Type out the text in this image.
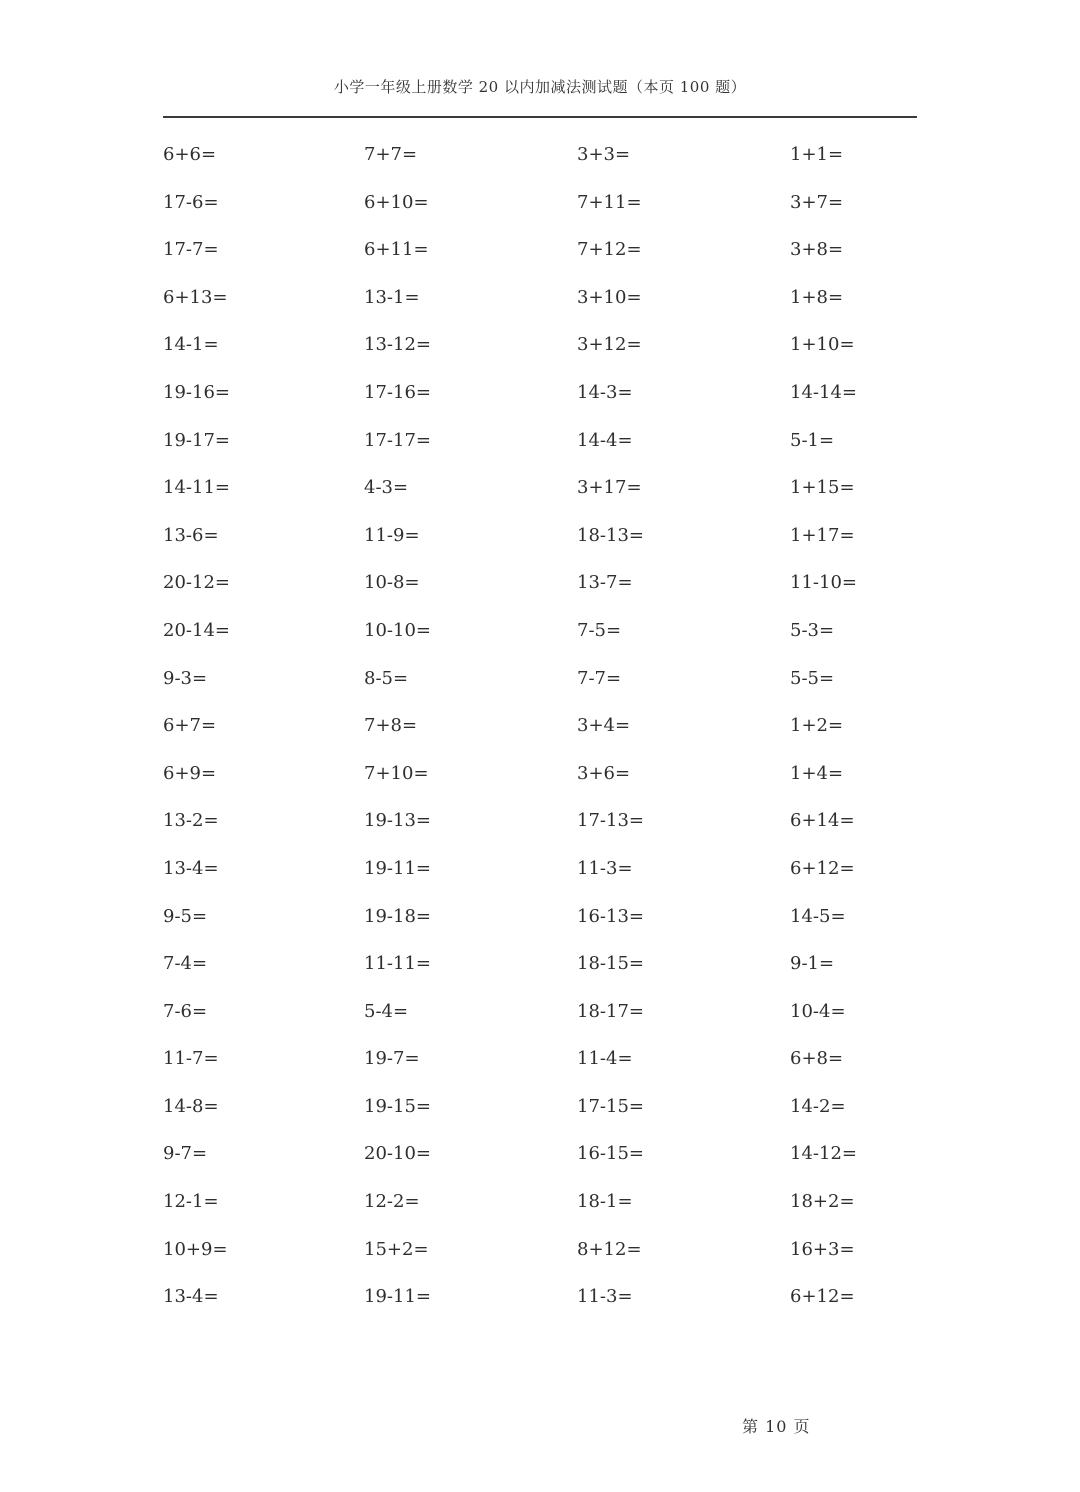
小学一年级上册数学 20 以内加减法测试题（本页 100 题）
6+6=	7+7=	3+3=	1+1=
17-6=	6+10=	7+11=	3+7=
17-7=	6+11=	7+12=	3+8=
6+13=	13-1=	3+10=	1+8=
14-1=	13-12=	3+12=	1+10=
19-16=	17-16=	14-3=	14-14=
19-17=	17-17=	14-4=	5-1=
14-11=	4-3=	3+17=	1+15=
13-6=	11-9=	18-13=	1+17=
20-12=	10-8=	13-7=	11-10=
20-14=	10-10=	7-5=	5-3=
9-3=	8-5=	7-7=	5-5=
6+7=	7+8=	3+4=	1+2=
6+9=	7+10=	3+6=	1+4=
13-2=	19-13=	17-13=	6+14=
13-4=	19-11=	11-3=	6+12=
9-5=	19-18=	16-13=	14-5=
7-4=	11-11=	18-15=	9-1=
7-6=	5-4=	18-17=	10-4=
11-7=	19-7=	11-4=	6+8=
14-8=	19-15=	17-15=	14-2=
9-7=	20-10=	16-15=	14-12=
12-1=	12-2=	18-1=	18+2=
10+9=	15+2=	8+12=	16+3=
13-4=	19-11=	11-3=	6+12=
第 10 页
